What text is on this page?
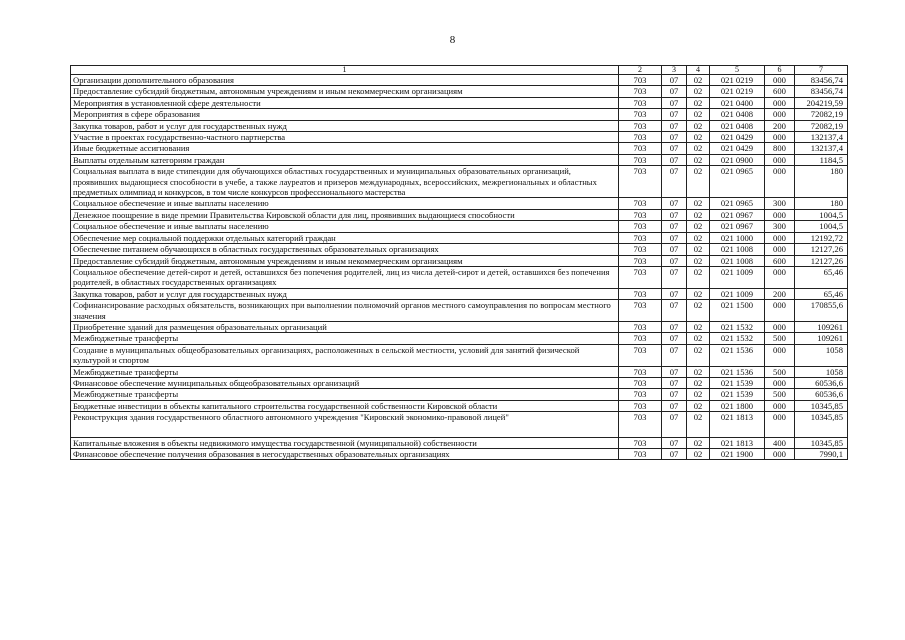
8
1	2	3	4	5	6	7
Организации дополнительного образования	703	07	02	021 0219	000	83456,74
Предоставление субсидий бюджетным, автономным учреждениям и иным некоммерческим организациям	703	07	02	021 0219	600	83456,74
Мероприятия в установленной сфере деятельности	703	07	02	021 0400	000	204219,59
Мероприятия в сфере образования	703	07	02	021 0408	000	72082,19
Закупка товаров, работ и услуг для государственных нужд	703	07	02	021 0408	200	72082,19
Участие в проектах государственно-частного партнерства	703	07	02	021 0429	000	132137,4
Иные бюджетные ассигнования	703	07	02	021 0429	800	132137,4
Выплаты отдельным категориям граждан	703	07	02	021 0900	000	1184,5
Социальная выплата в виде стипендии для обучающихся областных государственных и муниципальных образовательных организаций, проявивших выдающиеся способности в учебе, а также лауреатов и призеров международных, всероссийских, межрегиональных и областных предметных олимпиад и конкурсов, в том числе конкурсов профессионального мастерства	703	07	02	021 0965	000	180
Социальное обеспечение и иные выплаты населению	703	07	02	021 0965	300	180
Денежное поощрение в виде премии Правительства Кировской области для лиц, проявивших выдающиеся способности	703	07	02	021 0967	000	1004,5
Социальное обеспечение и иные выплаты населению	703	07	02	021 0967	300	1004,5
Обеспечение мер социальной поддержки отдельных категорий граждан	703	07	02	021 1000	000	12192,72
Обеспечение питанием обучающихся в областных государственных образовательных организациях	703	07	02	021 1008	000	12127,26
Предоставление субсидий бюджетным, автономным учреждениям и иным некоммерческим организациям	703	07	02	021 1008	600	12127,26
Социальное обеспечение детей-сирот и детей, оставшихся без попечения родителей, лиц из числа детей-сирот и детей, оставшихся без попечения родителей, в областных государственных организациях	703	07	02	021 1009	000	65,46
Закупка товаров, работ и услуг для государственных нужд	703	07	02	021 1009	200	65,46
Софинансирование расходных обязательств, возникающих при выполнении полномочий органов местного самоуправления по вопросам местного значения	703	07	02	021 1500	000	170855,6
Приобретение зданий для размещения образовательных организаций	703	07	02	021 1532	000	109261
Межбюджетные трансферты	703	07	02	021 1532	500	109261
Создание в муниципальных общеобразовательных организациях, расположенных в сельской местности, условий для занятий физической культурой и спортом	703	07	02	021 1536	000	1058
Межбюджетные трансферты	703	07	02	021 1536	500	1058
Финансовое обеспечение муниципальных общеобразовательных организаций	703	07	02	021 1539	000	60536,6
Межбюджетные трансферты	703	07	02	021 1539	500	60536,6
Бюджетные инвестиции в объекты капитального строительства государственной собственности Кировской области	703	07	02	021 1800	000	10345,85
Реконструкция здания государственного областного автономного учреждения "Кировский экономико-правовой лицей"	703	07	02	021 1813	000	10345,85
Капитальные вложения в объекты недвижимого имущества государственной (муниципальной) собственности	703	07	02	021 1813	400	10345,85
Финансовое обеспечение получения образования в негосударственных образовательных организациях	703	07	02	021 1900	000	7990,1
